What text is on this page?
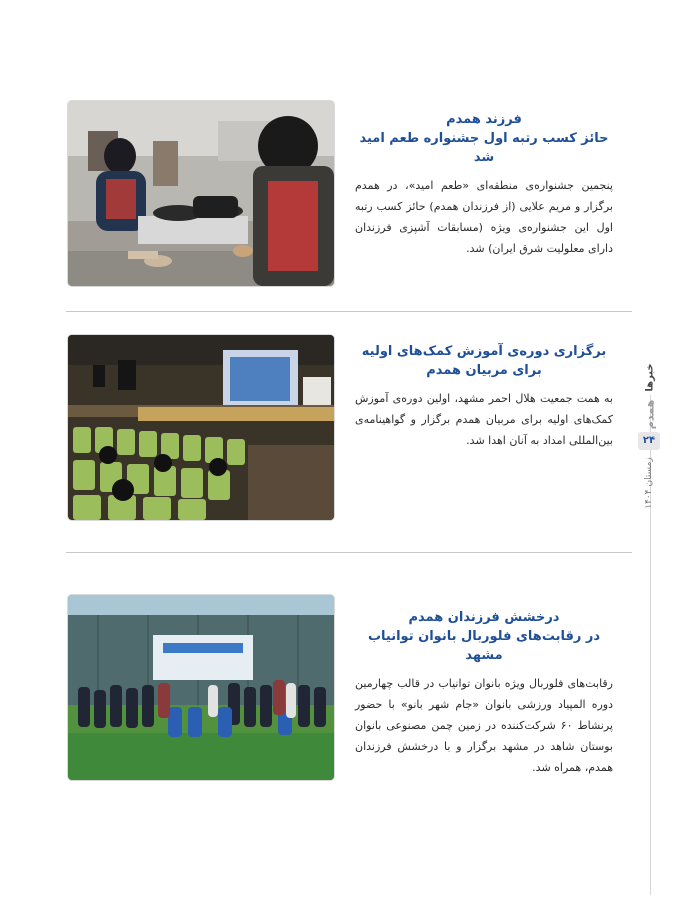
فرزند همدم
حائز کسب رتبه اول جشنواره طعم امید شد

پنجمین جشنواره‌ی منطقه‌ای «طعم امید»، در همدم برگزار و مریم علایی (از فرزندان همدم) حائز کسب رتبه اول این جشنواره‌ی ویژه (مسابقات آشپزی فرزندان دارای معلولیت شرق ایران) شد.

برگزاری دوره‌ی آموزش کمک‌های اولیه
برای مربیان همدم

به همت جمعیت هلال احمر مشهد، اولین دوره‌ی آموزش کمک‌های اولیه برای مربیان همدم برگزار و گواهینامه‌ی بین‌المللی امداد به آنان اهدا شد.

درخشش فرزندان همدم
در رقابت‌های فلوربال بانوان توانیاب مشهد

رقابت‌های فلوربال ویژه بانوان توانیاب در قالب چهارمین دوره المپیاد ورزشی بانوان «جام شهر بانو» با حضور پرنشاط ۶۰ شرکت‌کننده در زمین چمن مصنوعی بانوان بوستان شاهد در مشهد برگزار و با درخشش فرزندان همدم، همراه شد.

خبرها
همدم
۲۴
زمستان ۱۴۰۴
